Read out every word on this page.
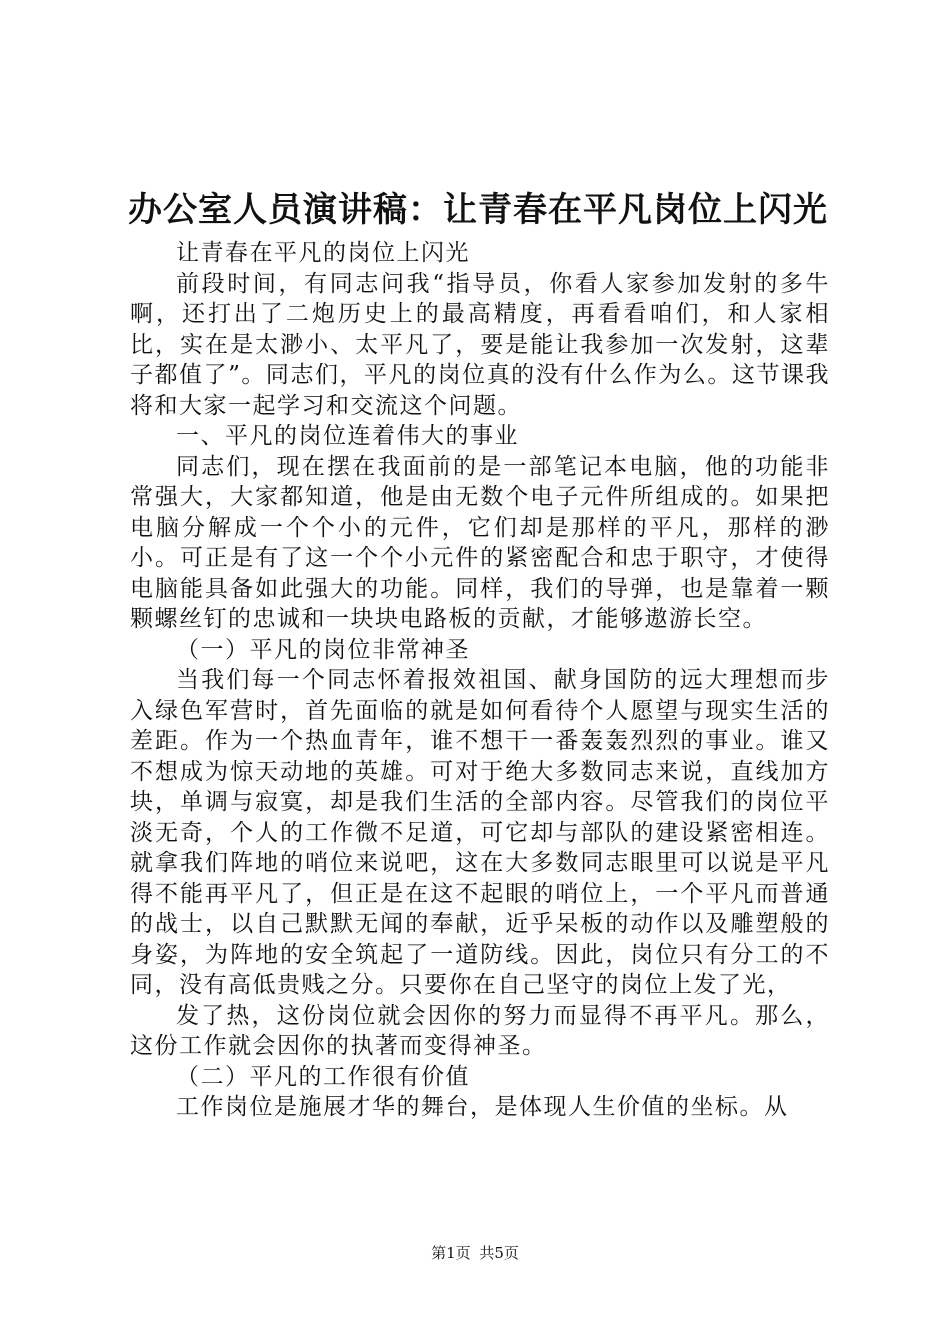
办公室人员演讲稿：让青春在平凡岗位上闪光

让青春在平凡的岗位上闪光

前段时间，有同志问我“指导员，你看人家参加发射的多牛啊，还打出了二炮历史上的最高精度，再看看咱们，和人家相比，实在是太渺小、太平凡了，要是能让我参加一次发射，这辈子都值了”。同志们，平凡的岗位真的没有什么作为么。这节课我将和大家一起学习和交流这个问题。

一、平凡的岗位连着伟大的事业

同志们，现在摆在我面前的是一部笔记本电脑，他的功能非常强大，大家都知道，他是由无数个电子元件所组成的。如果把电脑分解成一个个小的元件，它们却是那样的平凡，那样的渺小。可正是有了这一个个小元件的紧密配合和忠于职守，才使得电脑能具备如此强大的功能。同样，我们的导弹，也是靠着一颗颗螺丝钉的忠诚和一块块电路板的贡献，才能够遨游长空。

（一）平凡的岗位非常神圣

当我们每一个同志怀着报效祖国、献身国防的远大理想而步入绿色军营时，首先面临的就是如何看待个人愿望与现实生活的差距。作为一个热血青年，谁不想干一番轰轰烈烈的事业。谁又不想成为惊天动地的英雄。可对于绝大多数同志来说，直线加方块，单调与寂寞，却是我们生活的全部内容。尽管我们的岗位平淡无奇，个人的工作微不足道，可它却与部队的建设紧密相连。就拿我们阵地的哨位来说吧，这在大多数同志眼里可以说是平凡得不能再平凡了，但正是在这不起眼的哨位上，一个平凡而普通的战士，以自己默默无闻的奉献，近乎呆板的动作以及雕塑般的身姿，为阵地的安全筑起了一道防线。因此，岗位只有分工的不同，没有高低贵贱之分。只要你在自己坚守的岗位上发了光，

发了热，这份岗位就会因你的努力而显得不再平凡。那么，这份工作就会因你的执著而变得神圣。

（二）平凡的工作很有价值

工作岗位是施展才华的舞台，是体现人生价值的坐标。从

第1页 共5页
